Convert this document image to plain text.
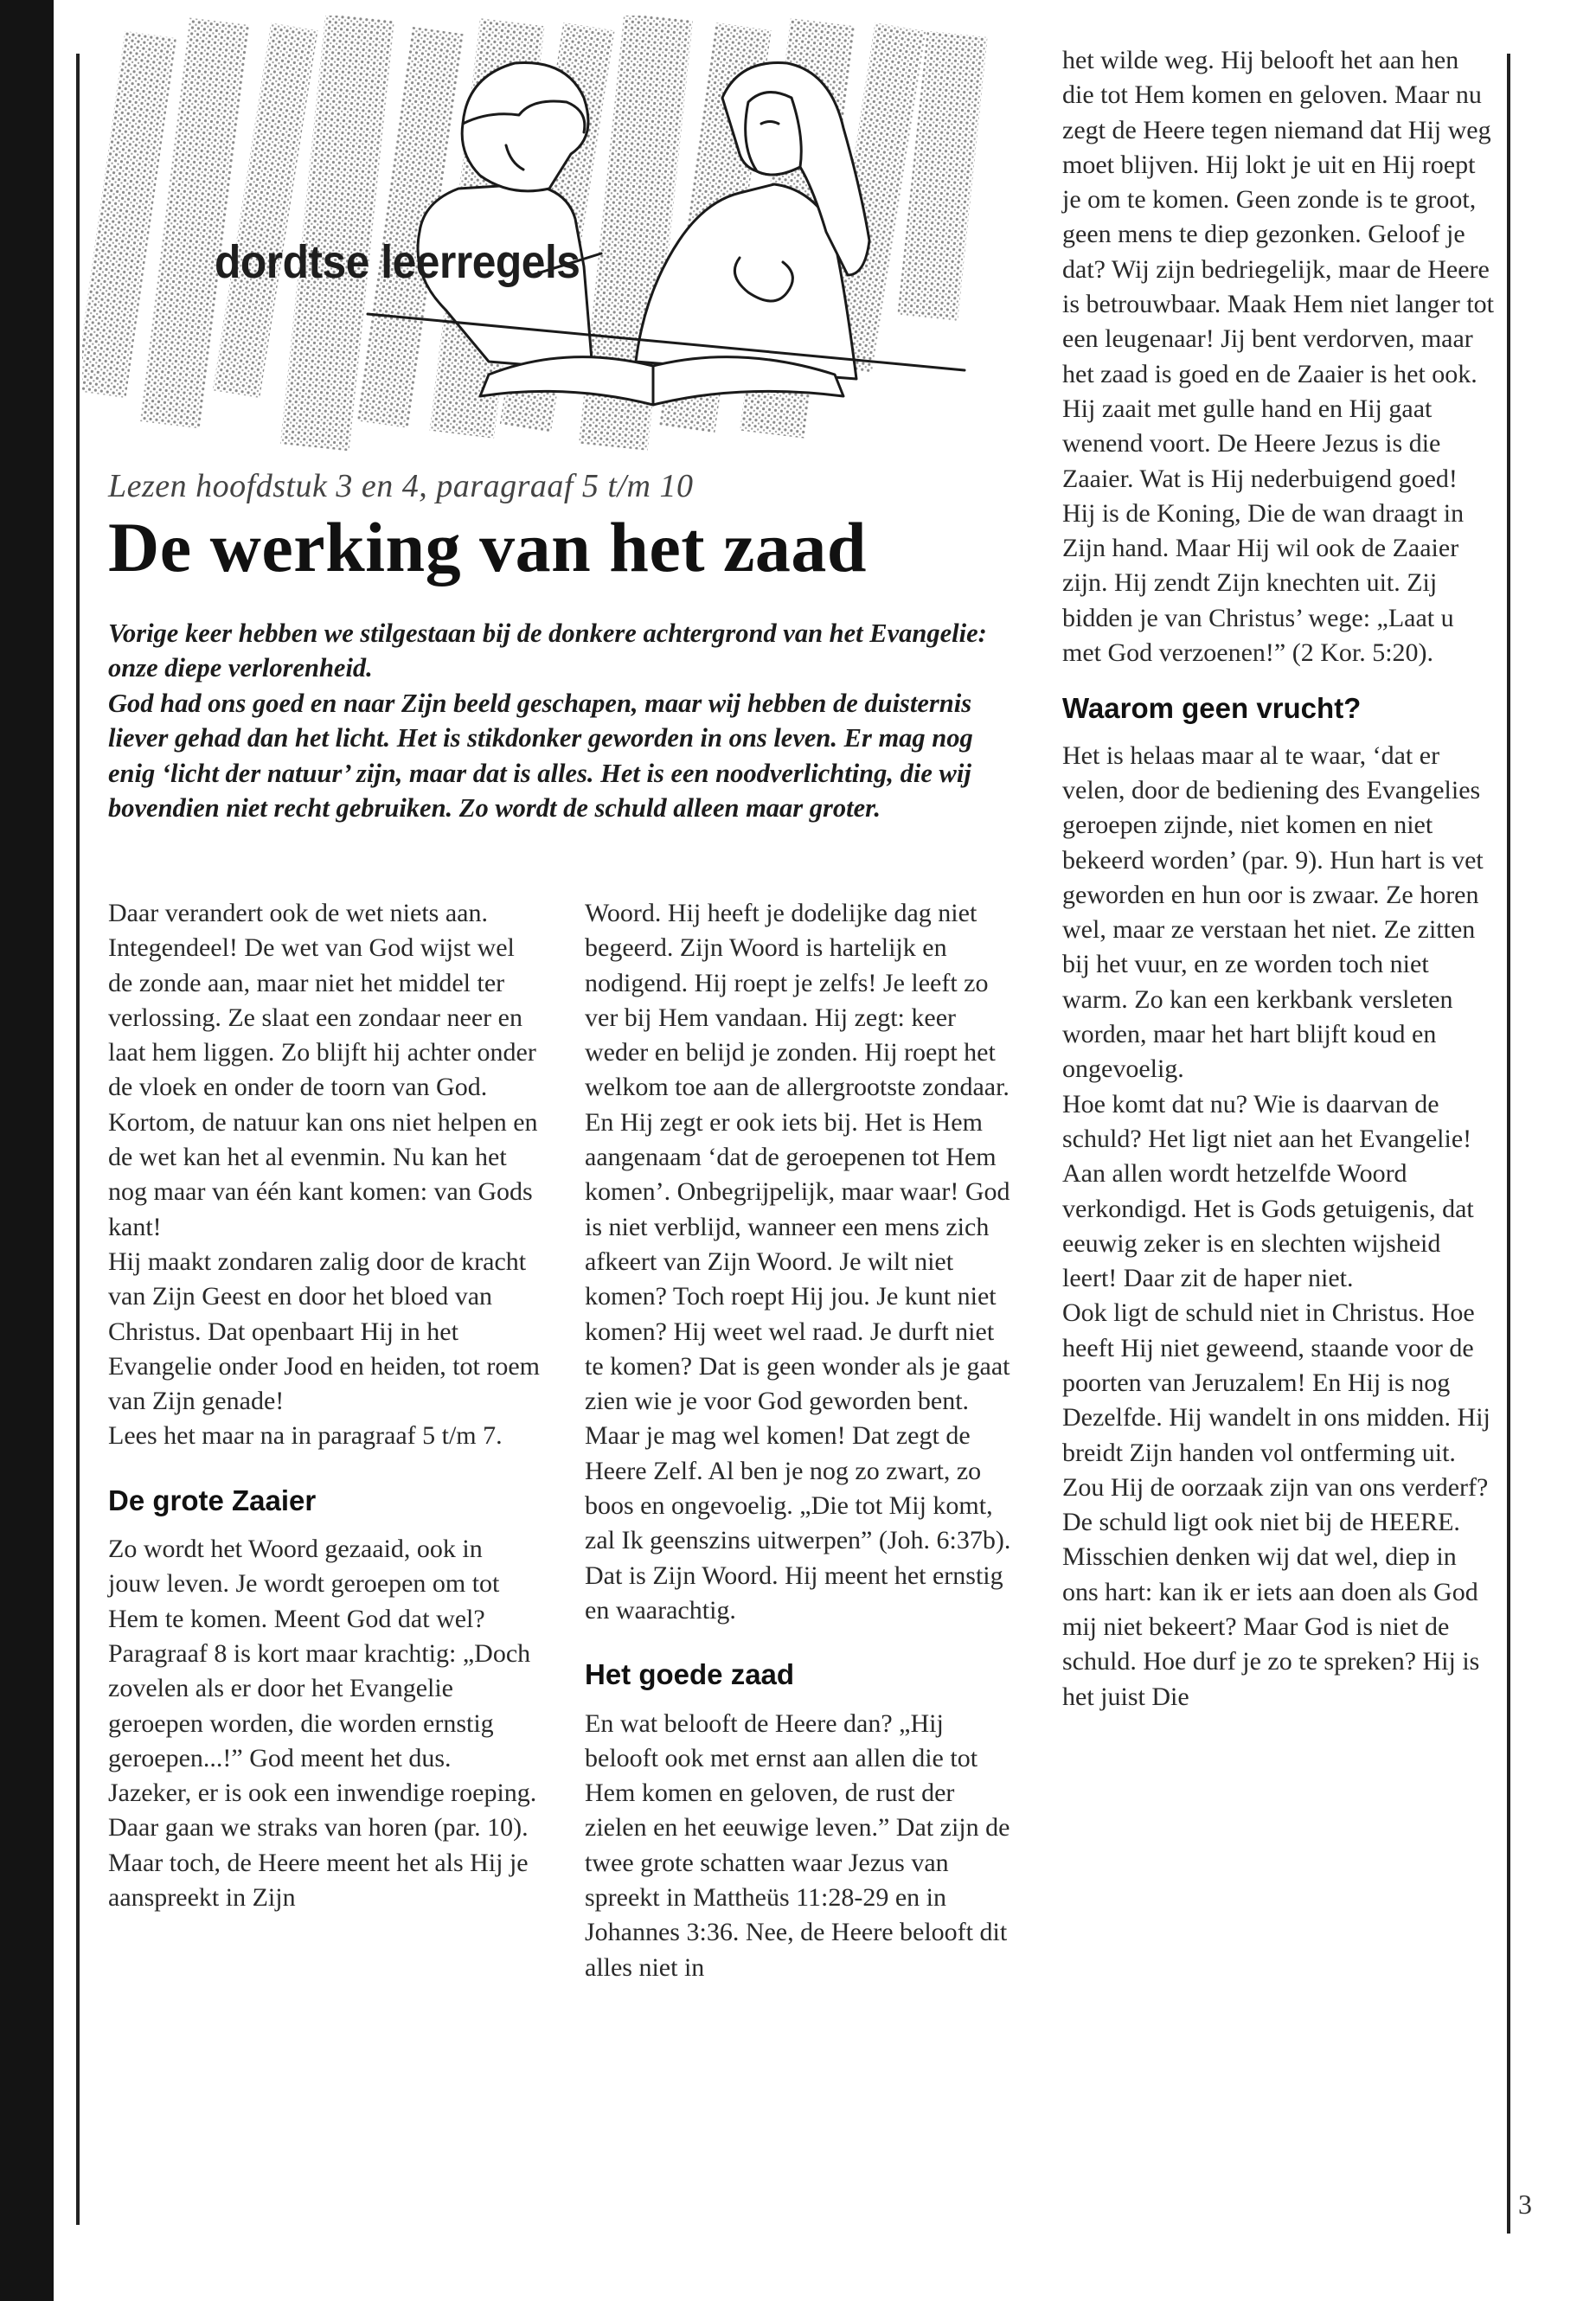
dordtse leerregels
Lezen hoofdstuk 3 en 4, paragraaf 5 t/m 10
De werking van het zaad

Vorige keer hebben we stilgestaan bij de donkere achtergrond van het Evangelie: onze diepe verlorenheid.

God had ons goed en naar Zijn beeld geschapen, maar wij hebben de duisternis liever gehad dan het licht. Het is stikdonker geworden in ons leven. Er mag nog enig ‘licht der natuur’ zijn, maar dat is alles. Het is een noodverlichting, die wij bovendien niet recht gebruiken. Zo wordt de schuld alleen maar groter.

Daar verandert ook de wet niets aan. Integendeel! De wet van God wijst wel de zonde aan, maar niet het middel ter verlossing. Ze slaat een zondaar neer en laat hem liggen. Zo blijft hij achter onder de vloek en onder de toorn van God. Kortom, de natuur kan ons niet helpen en de wet kan het al evenmin. Nu kan het nog maar van één kant komen: van Gods kant!

Hij maakt zondaren zalig door de kracht van Zijn Geest en door het bloed van Christus. Dat openbaart Hij in het Evangelie onder Jood en heiden, tot roem van Zijn genade!

Lees het maar na in paragraaf 5 t/m 7.

De grote Zaaier

Zo wordt het Woord gezaaid, ook in jouw leven. Je wordt geroepen om tot Hem te komen. Meent God dat wel? Paragraaf 8 is kort maar krachtig: „Doch zovelen als er door het Evangelie geroepen worden, die worden ernstig geroepen...!” God meent het dus. Jazeker, er is ook een inwendige roeping. Daar gaan we straks van horen (par. 10). Maar toch, de Heere meent het als Hij je aanspreekt in Zijn

Woord. Hij heeft je dodelijke dag niet begeerd. Zijn Woord is hartelijk en nodigend. Hij roept je zelfs! Je leeft zo ver bij Hem vandaan. Hij zegt: keer weder en belijd je zonden. Hij roept het welkom toe aan de allergrootste zondaar. En Hij zegt er ook iets bij. Het is Hem aangenaam ‘dat de geroepenen tot Hem komen’. Onbegrijpelijk, maar waar! God is niet verblijd, wanneer een mens zich afkeert van Zijn Woord. Je wilt niet komen? Toch roept Hij jou. Je kunt niet komen? Hij weet wel raad. Je durft niet te komen? Dat is geen wonder als je gaat zien wie je voor God geworden bent. Maar je mag wel komen! Dat zegt de Heere Zelf. Al ben je nog zo zwart, zo boos en ongevoelig. „Die tot Mij komt, zal Ik geenszins uitwerpen” (Joh. 6:37b). Dat is Zijn Woord. Hij meent het ernstig en waarachtig.

Het goede zaad

En wat belooft de Heere dan? „Hij belooft ook met ernst aan allen die tot Hem komen en geloven, de rust der zielen en het eeuwige leven.” Dat zijn de twee grote schatten waar Jezus van spreekt in Mattheüs 11:28-29 en in Johannes 3:36. Nee, de Heere belooft dit alles niet in

het wilde weg. Hij belooft het aan hen die tot Hem komen en geloven. Maar nu zegt de Heere tegen niemand dat Hij weg moet blijven. Hij lokt je uit en Hij roept je om te komen. Geen zonde is te groot, geen mens te diep gezonken. Geloof je dat? Wij zijn bedriegelijk, maar de Heere is betrouwbaar. Maak Hem niet langer tot een leugenaar! Jij bent verdorven, maar het zaad is goed en de Zaaier is het ook. Hij zaait met gulle hand en Hij gaat wenend voort. De Heere Jezus is die Zaaier. Wat is Hij nederbuigend goed! Hij is de Koning, Die de wan draagt in Zijn hand. Maar Hij wil ook de Zaaier zijn. Hij zendt Zijn knechten uit. Zij bidden je van Christus’ wege: „Laat u met God verzoenen!” (2 Kor. 5:20).

Waarom geen vrucht?

Het is helaas maar al te waar, ‘dat er velen, door de bediening des Evangelies geroepen zijnde, niet komen en niet bekeerd worden’ (par. 9). Hun hart is vet geworden en hun oor is zwaar. Ze horen wel, maar ze verstaan het niet. Ze zitten bij het vuur, en ze worden toch niet warm. Zo kan een kerkbank versleten worden, maar het hart blijft koud en ongevoelig.

Hoe komt dat nu? Wie is daarvan de schuld? Het ligt niet aan het Evangelie! Aan allen wordt hetzelfde Woord verkondigd. Het is Gods getuigenis, dat eeuwig zeker is en slechten wijsheid leert! Daar zit de haper niet.

Ook ligt de schuld niet in Christus. Hoe heeft Hij niet geweend, staande voor de poorten van Jeruzalem! En Hij is nog Dezelfde. Hij wandelt in ons midden. Hij breidt Zijn handen vol ontferming uit. Zou Hij de oorzaak zijn van ons verderf?

De schuld ligt ook niet bij de HEERE. Misschien denken wij dat wel, diep in ons hart: kan ik er iets aan doen als God mij niet bekeert? Maar God is niet de schuld. Hoe durf je zo te spreken? Hij is het juist Die

3
